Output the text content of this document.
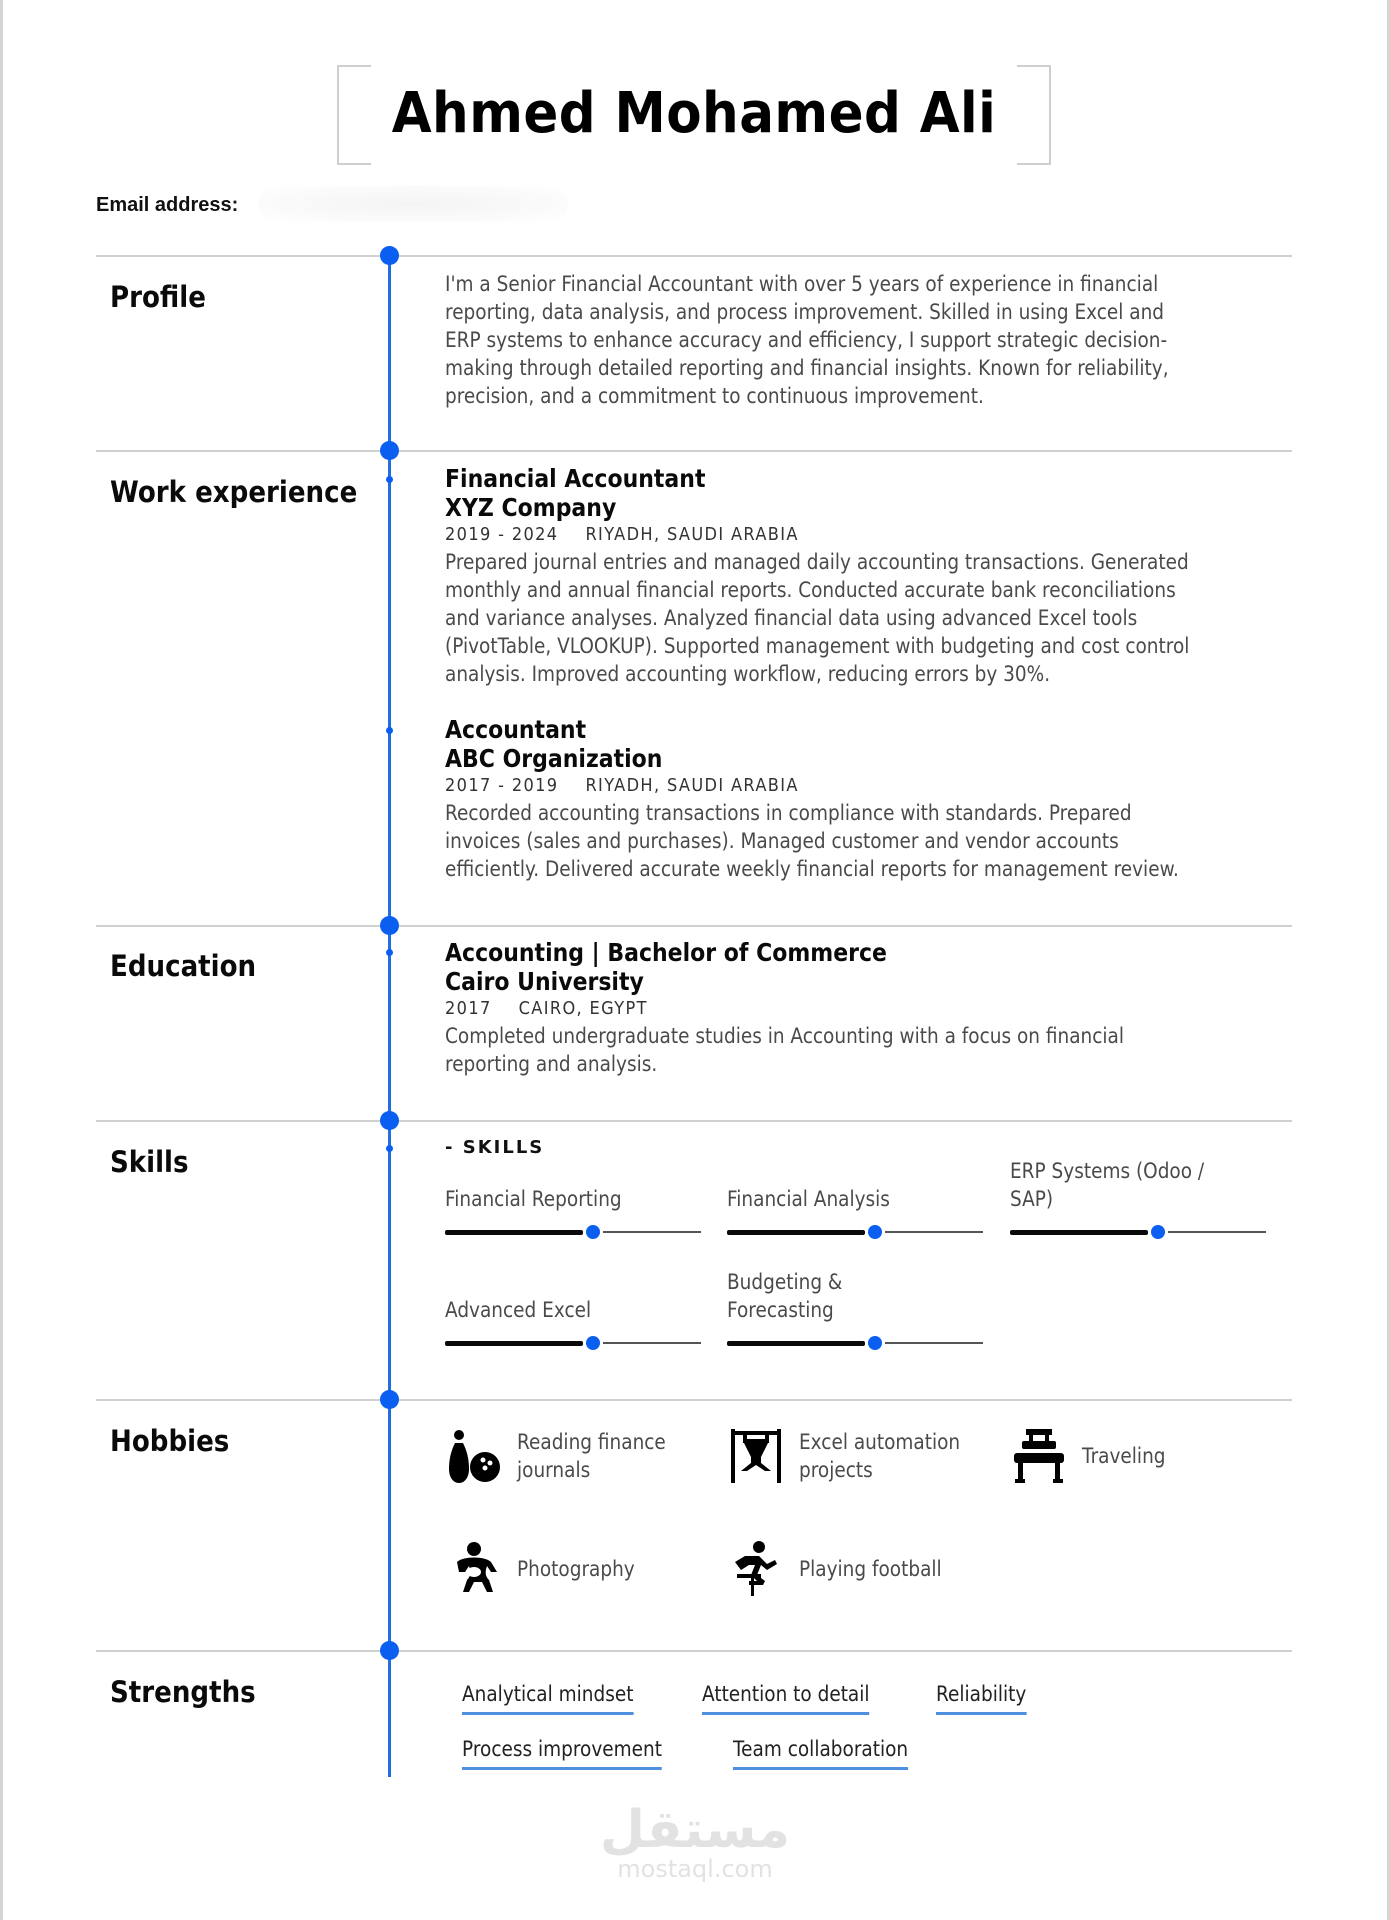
Ahmed Mohamed Ali
Email address:
Profile
Work experience
Education
Skills
Hobbies
Strengths
I'm a Senior Financial Accountant with over 5 years of experience in financial
reporting, data analysis, and process improvement. Skilled in using Excel and
ERP systems to enhance accuracy and efficiency, I support strategic decision-
making through detailed reporting and financial insights. Known for reliability,
precision, and a commitment to continuous improvement.
Financial Accountant
XYZ Company
2019 - 2024 RIYADH, SAUDI ARABIA
Prepared journal entries and managed daily accounting transactions. Generated
monthly and annual financial reports. Conducted accurate bank reconciliations
and variance analyses. Analyzed financial data using advanced Excel tools
(PivotTable, VLOOKUP). Supported management with budgeting and cost control
analysis. Improved accounting workflow, reducing errors by 30%.
Accountant
ABC Organization
2017 - 2019 RIYADH, SAUDI ARABIA
Recorded accounting transactions in compliance with standards. Prepared
invoices (sales and purchases). Managed customer and vendor accounts
efficiently. Delivered accurate weekly financial reports for management review.
Accounting | Bachelor of Commerce
Cairo University
2017 CAIRO, EGYPT
Completed undergraduate studies in Accounting with a focus on financial
reporting and analysis.
- SKILLS
Financial Reporting	Financial Analysis
ERP Systems (Odoo / SAP)
Advanced Excel
Budgeting & Forecasting
Reading finance journals
Excel automation projects
Traveling
Photography	Playing football
Analytical mindset	Attention to detail	Reliability
Process improvement	Team collaboration
مستقل
mostaql.com
